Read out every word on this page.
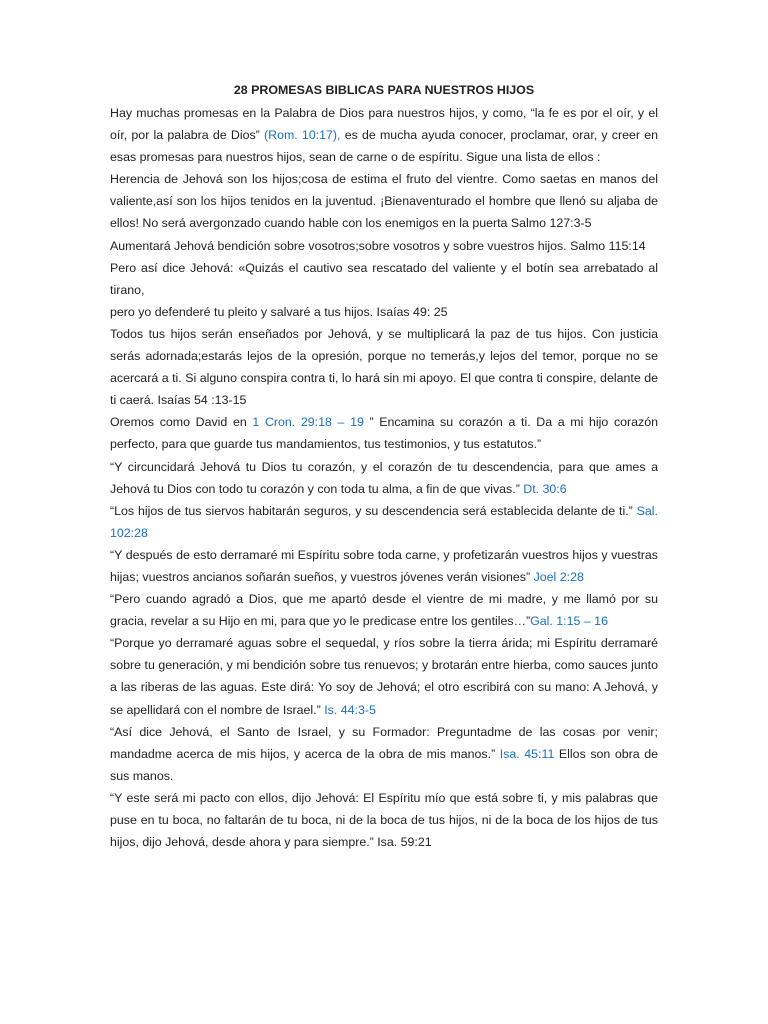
28 PROMESAS BIBLICAS PARA NUESTROS HIJOS

Hay muchas promesas en la Palabra de Dios para nuestros hijos, y como, “la fe es por el oír, y el oír, por la palabra de Dios” (Rom. 10:17), es de mucha ayuda conocer, proclamar, orar, y creer en esas promesas para nuestros hijos, sean de carne o de espíritu. Sigue una lista de ellos :

Herencia de Jehová son los hijos;cosa de estima el fruto del vientre. Como saetas en manos del valiente,así son los hijos tenidos en la juventud. ¡Bienaventurado el hombre que llenó su aljaba de ellos! No será avergonzado cuando hable con los enemigos en la puerta Salmo 127:3-5

Aumentará Jehová bendición sobre vosotros;sobre vosotros y sobre vuestros hijos. Salmo 115:14

Pero así dice Jehová: «Quizás el cautivo sea rescatado del valiente y el botín sea arrebatado al tirano,

pero yo defenderé tu pleito y salvaré a tus hijos. Isaías 49: 25

Todos tus hijos serán enseñados por Jehová, y se multiplicará la paz de tus hijos. Con justicia serás adornada;estarás lejos de la opresión, porque no temerás,y lejos del temor, porque no se acercará a ti. Si alguno conspira contra ti, lo hará sin mi apoyo. El que contra ti conspire, delante de ti caerá. Isaías 54 :13-15

Oremos como David en 1 Cron. 29:18 – 19 ” Encamina su corazón a ti. Da a mi hijo corazón perfecto, para que guarde tus mandamientos, tus testimonios, y tus estatutos.”

“Y circuncidará Jehová tu Dios tu corazón, y el corazón de tu descendencia, para que ames a Jehová tu Dios con todo tu corazón y con toda tu alma, a fin de que vivas.” Dt. 30:6

“Los hijos de tus siervos habitarán seguros, y su descendencia será establecida delante de ti.” Sal. 102:28

“Y después de esto derramaré mi Espíritu sobre toda carne, y profetizarán vuestros hijos y vuestras hijas; vuestros ancianos soñarán sueños, y vuestros jóvenes verán visiones” Joel 2:28

“Pero cuando agradó a Dios, que me apartó desde el vientre de mi madre, y me llamó por su gracia, revelar a su Hijo en mi, para que yo le predicase entre los gentiles…”Gal. 1:15 – 16

“Porque yo derramaré aguas sobre el sequedal, y ríos sobre la tierra árida; mi Espíritu derramaré sobre tu generación, y mi bendición sobre tus renuevos; y brotarán entre hierba, como sauces junto a las riberas de las aguas. Este dirá: Yo soy de Jehová; el otro escribirá con su mano: A Jehová, y se apellidará con el nombre de Israel.” Is. 44:3-5

“Así dice Jehová, el Santo de Israel, y su Formador: Preguntadme de las cosas por venir; mandadme acerca de mis hijos, y acerca de la obra de mis manos.” Isa. 45:11 Ellos son obra de sus manos.

“Y este será mi pacto con ellos, dijo Jehová: El Espíritu mío que está sobre ti, y mis palabras que puse en tu boca, no faltarán de tu boca, ni de la boca de tus hijos, ni de la boca de los hijos de tus hijos, dijo Jehová, desde ahora y para siempre.” Isa. 59:21
